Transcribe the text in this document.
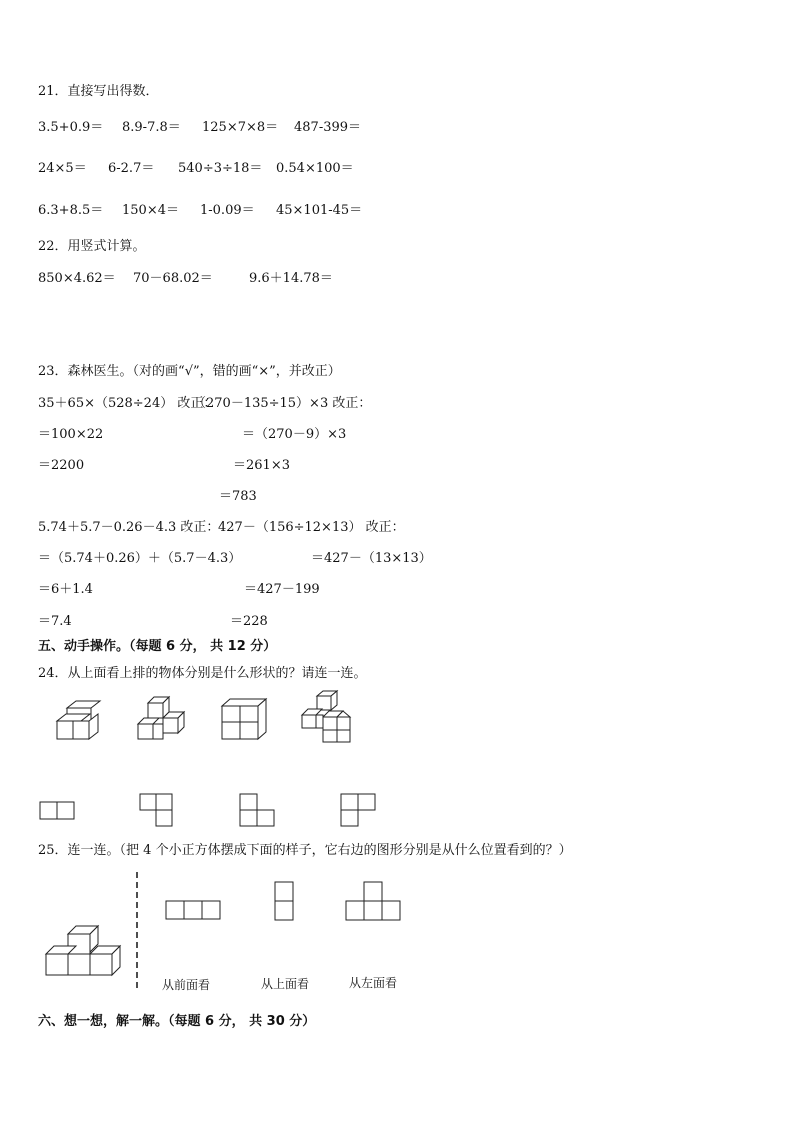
21．直接写出得数．
3.5+0.9＝ 8.9-7.8＝ 125×7×8＝ 487-399＝
24×5＝ 6-2.7＝ 540÷3÷18＝ 0.54×100＝
6.3+8.5＝ 150×4＝ 1-0.09＝ 45×101-45＝
22．用竖式计算。
850×4.62＝ 70－68.02＝	9.6＋14.78＝
23．森林医生。（对的画“√”，错的画“×”，并改正）
35＋65×（528÷24） 改正：
＝100×22
＝2200
5.74＋5.7－0.26－4.3 改正：
＝（5.74＋0.26）＋（5.7－4.3）
＝6＋1.4
＝7.4
（270－135÷15）×3 改正：
＝（270－9）×3
＝261×3
＝783
427－（156÷12×13） 改正：
＝427－（13×13）
＝427－199
＝228
五、动手操作。（每题 6 分， 共 12 分）
24．从上面看上排的物体分别是什么形状的？请连一连。
25．连一连。（把 4 个小正方体摆成下面的样子，它右边的图形分别是从什么位置看到的？）
从前面看	从上面看	从左面看
六、想一想，解一解。（每题 6 分， 共 30 分）
